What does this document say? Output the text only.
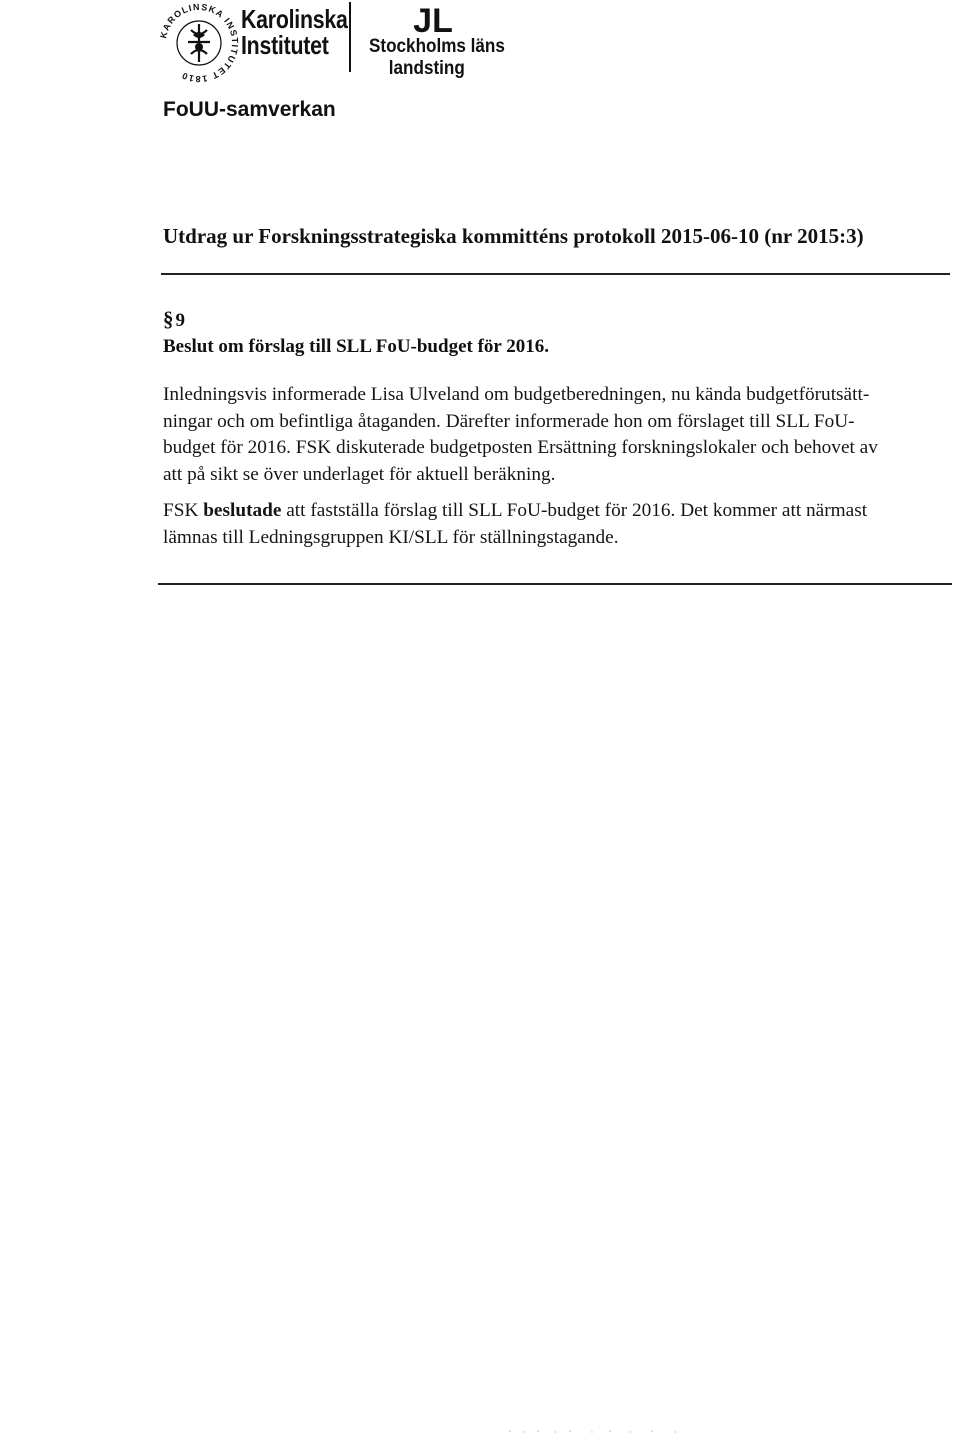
KAROLINSKA INSTITUTET 1810
Karolinska
Institutet
JL
Stockholms läns
landsting
FoUU-samverkan
Utdrag ur Forskningsstrategiska kommitténs protokoll 2015-06-10 (nr 2015:3)
§ 9
Beslut om förslag till SLL FoU-budget för 2016.
Inledningsvis informerade Lisa Ulveland om budgetberedningen, nu kända budgetförutsätt-
ningar och om befintliga åtaganden. Därefter informerade hon om förslaget till SLL FoU-
budget för 2016. FSK diskuterade budgetposten Ersättning forskningslokaler och behovet av
att på sikt se över underlaget för aktuell beräkning.
FSK beslutade att fastställa förslag till SLL FoU-budget för 2016. Det kommer att närmast
lämnas till Ledningsgruppen KI/SLL för ställningstagande.
